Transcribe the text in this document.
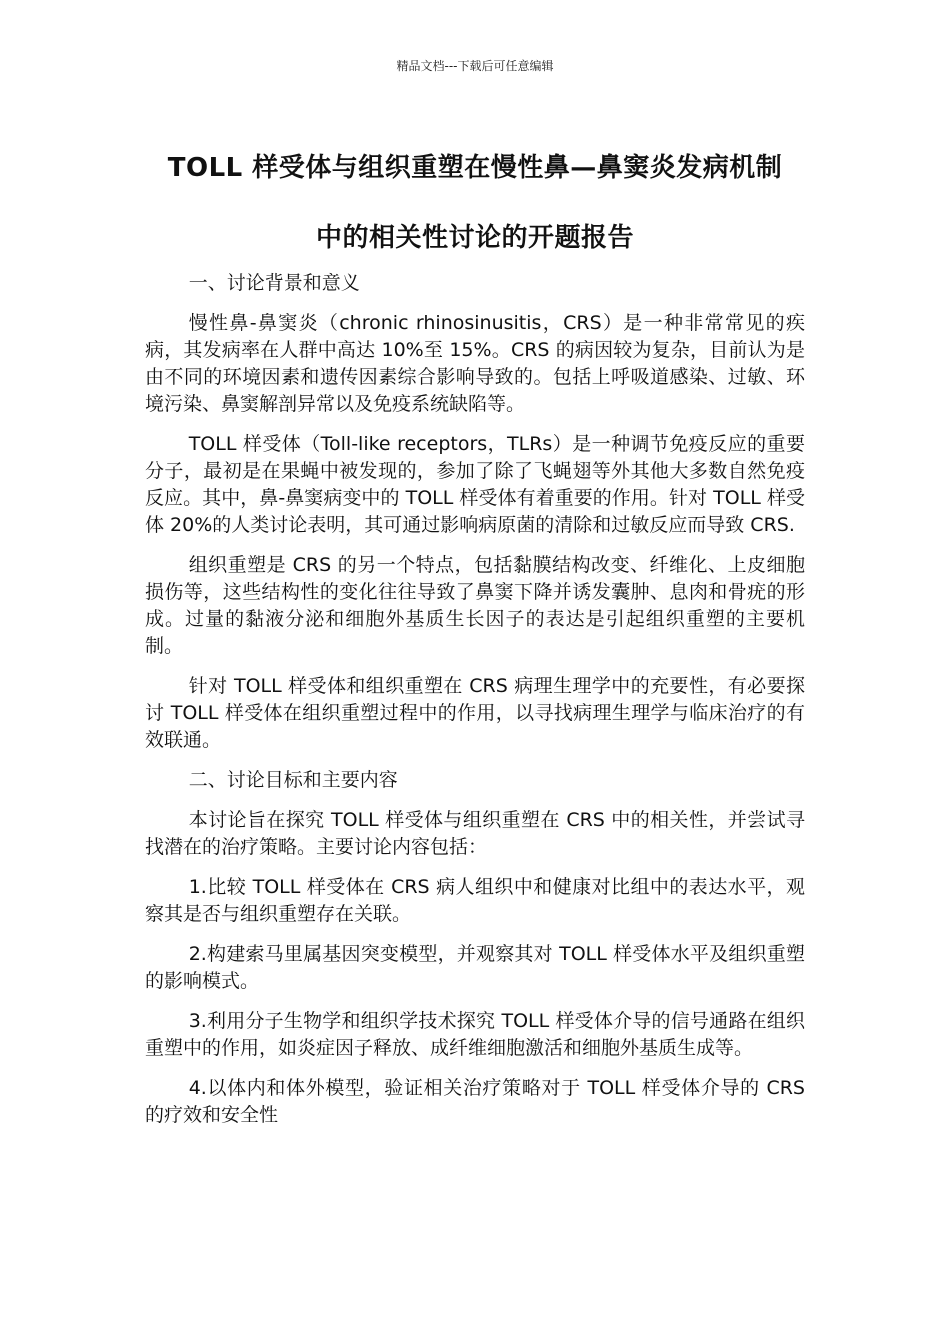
精品文档---下载后可任意编辑
TOLL 样受体与组织重塑在慢性鼻—鼻窦炎发病机制
中的相关性讨论的开题报告

一、讨论背景和意义

慢性鼻-鼻窦炎（chronic rhinosinusitis，CRS）是一种非常常见的疾病，其发病率在人群中高达 10%至 15%。CRS 的病因较为复杂，目前认为是由不同的环境因素和遗传因素综合影响导致的。包括上呼吸道感染、过敏、环境污染、鼻窦解剖异常以及免疫系统缺陷等。

TOLL 样受体（Toll-like receptors，TLRs）是一种调节免疫反应的重要分子，最初是在果蝇中被发现的，参加了除了飞蝇翅等外其他大多数自然免疫反应。其中，鼻-鼻窦病变中的 TOLL 样受体有着重要的作用。针对 TOLL 样受体 20%的人类讨论表明，其可通过影响病原菌的清除和过敏反应而导致 CRS.

组织重塑是 CRS 的另一个特点，包括黏膜结构改变、纤维化、上皮细胞损伤等，这些结构性的变化往往导致了鼻窦下降并诱发囊肿、息肉和骨疣的形成。过量的黏液分泌和细胞外基质生长因子的表达是引起组织重塑的主要机制。

针对 TOLL 样受体和组织重塑在 CRS 病理生理学中的充要性，有必要探讨 TOLL 样受体在组织重塑过程中的作用，以寻找病理生理学与临床治疗的有效联通。

二、讨论目标和主要内容

本讨论旨在探究 TOLL 样受体与组织重塑在 CRS 中的相关性，并尝试寻找潜在的治疗策略。主要讨论内容包括：

1.比较 TOLL 样受体在 CRS 病人组织中和健康对比组中的表达水平，观察其是否与组织重塑存在关联。

2.构建索马里属基因突变模型，并观察其对 TOLL 样受体水平及组织重塑的影响模式。

3.利用分子生物学和组织学技术探究 TOLL 样受体介导的信号通路在组织重塑中的作用，如炎症因子释放、成纤维细胞激活和细胞外基质生成等。

4.以体内和体外模型，验证相关治疗策略对于 TOLL 样受体介导的 CRS 的疗效和安全性
